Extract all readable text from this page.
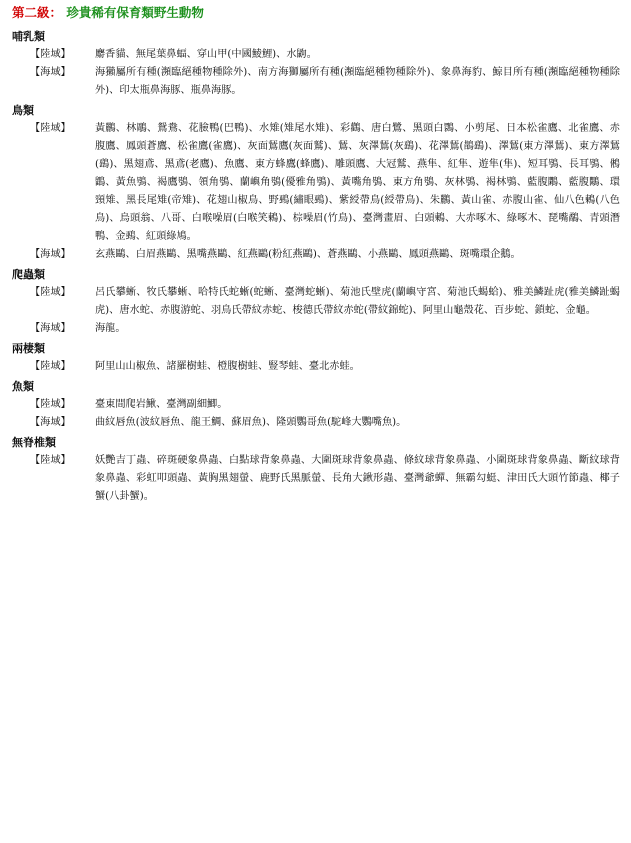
第二級： 珍貴稀有保育類野生動物
哺乳類
【陸域】	麝香貓、無尾葉鼻蝠、穿山甲(中國鯪鯉)、水鼩。
【海域】	海獺屬所有種(瀕臨絕種物種除外)、南方海獅屬所有種(瀕臨絕種物種除外)、象鼻海豹、鯨目所有種(瀕臨絕種物種除外)、印太瓶鼻海豚、瓶鼻海豚。
鳥類
【陸域】	黃鸝、林鵰、鴛鴦、花臉鴨(巴鴨)、水雉(雉尾水雉)、彩鸛、唐白鷺、黑頭白䴉、小剪尾、日本松雀鷹、北雀鷹、赤腹鷹、鳳頭蒼鷹、松雀鷹(雀鷹)、灰面鵟鷹(灰面鷲)、鵟、灰澤鵟(灰鷂)、花澤鵟(鵲鷂)、澤鵟(東方澤鵟)、東方澤鵟(鷂)、黑翅鳶、黑鳶(老鷹)、魚鷹、東方蜂鷹(蜂鷹)、雕頭鷹、大冠鷲、燕隼、紅隼、遊隼(隼)、短耳鴞、長耳鴞、鵂鶹、黃魚鴞、褐鷹鴞、領角鴞、蘭嶼角鴞(優雅角鴞)、黃嘴角鴞、東方角鴞、灰林鴞、褐林鴞、藍腹鷴、藍腹鷴、環頸雉、黑長尾雉(帝雉)、花翅山椒鳥、野鵐(繡眼鵐)、紫綬帶鳥(綬帶鳥)、朱鸝、黃山雀、赤腹山雀、仙八色鶇(八色鳥)、烏頭翁、八哥、白喉噪眉(白喉笑鶇)、棕噪眉(竹鳥)、臺灣畫眉、白頭鶇、大赤啄木、綠啄木、琵嘴鷸、青頭潛鴨、金鵐、紅頭綠鳩。
【海域】	玄燕鷗、白眉燕鷗、黑嘴燕鷗、紅燕鷗(粉紅燕鷗)、蒼燕鷗、小燕鷗、鳳頭燕鷗、斑嘴環企鵝。
爬蟲類
【陸域】	呂氏攀蜥、牧氏攀蜥、哈特氏蛇蜥(蛇蜥、臺灣蛇蜥)、菊池氏壁虎(蘭嶼守宮、菊池氏蝎蛤)、雅美鱗趾虎(雅美鱗趾蝎虎)、唐水蛇、赤腹游蛇、羽鳥氏帶紋赤蛇、梭德氏帶紋赤蛇(帶紋錦蛇)、阿里山龜殼花、百步蛇、鎖蛇、金龜。
【海域】	海龍。
兩棲類
【陸域】	阿里山山椒魚、諸羅樹蛙、橙腹樹蛙、豎琴蛙、臺北赤蛙。
魚類
【陸域】	臺東間爬岩鰍、臺灣副細鯽。
【海域】	曲紋唇魚(波紋唇魚、龍王鯛、蘇眉魚)、隆頭鸚哥魚(駝峰大鸚嘴魚)。
無脊椎類
【陸域】	妖艷吉丁蟲、碎斑硬象鼻蟲、白點球背象鼻蟲、大圍斑球背象鼻蟲、條紋球背象鼻蟲、小圍斑球背象鼻蟲、斷紋球背象鼻蟲、彩虹叩頭蟲、黃胸黑翅螢、鹿野氏黑脈螢、長角大鍬形蟲、臺灣爺蟬、無霸勾蜓、津田氏大頭竹節蟲、椰子蟹(八卦蟹)。
